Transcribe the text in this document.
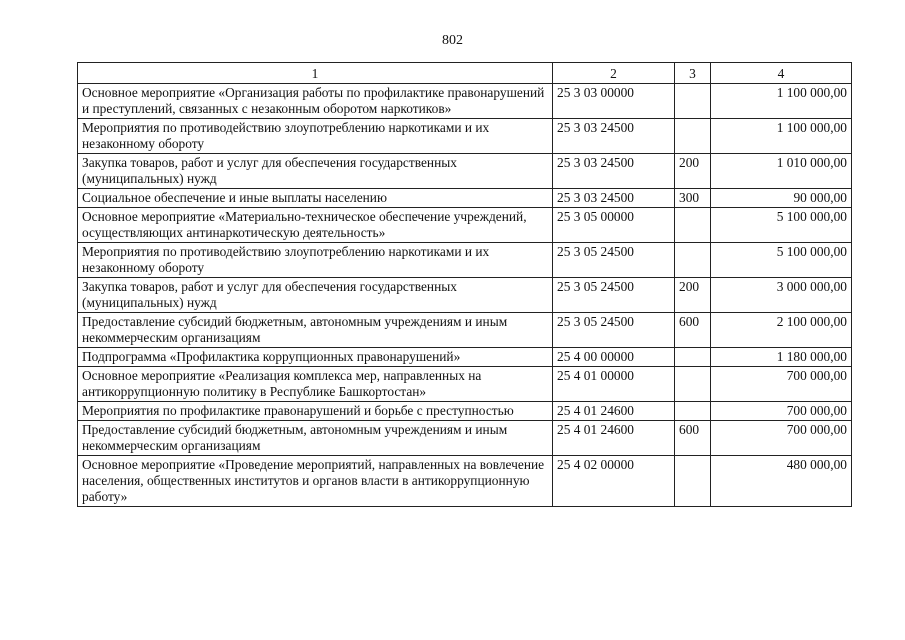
802
1	2	3	4
Основное мероприятие «Организация работы по профилактике правонарушений и преступлений, связанных с незаконным оборотом наркотиков»	25 3 03 00000		1 100 000,00
Мероприятия по противодействию злоупотреблению наркотиками и их незаконному обороту	25 3 03 24500		1 100 000,00
Закупка товаров, работ и услуг для обеспечения государственных (муниципальных) нужд	25 3 03 24500	200	1 010 000,00
Социальное обеспечение и иные выплаты населению	25 3 03 24500	300	90 000,00
Основное мероприятие «Материально-техническое обеспечение учреждений, осуществляющих антинаркотическую деятельность»	25 3 05 00000		5 100 000,00
Мероприятия по противодействию злоупотреблению наркотиками и их незаконному обороту	25 3 05 24500		5 100 000,00
Закупка товаров, работ и услуг для обеспечения государственных (муниципальных) нужд	25 3 05 24500	200	3 000 000,00
Предоставление субсидий бюджетным, автономным учреждениям и иным некоммерческим организациям	25 3 05 24500	600	2 100 000,00
Подпрограмма «Профилактика коррупционных правонарушений»	25 4 00 00000		1 180 000,00
Основное мероприятие «Реализация комплекса мер, направленных на антикоррупционную политику в Республике Башкортостан»	25 4 01 00000		700 000,00
Мероприятия по профилактике правонарушений и борьбе с преступностью	25 4 01 24600		700 000,00
Предоставление субсидий бюджетным, автономным учреждениям и иным некоммерческим организациям	25 4 01 24600	600	700 000,00
Основное мероприятие «Проведение мероприятий, направленных на вовлечение населения, общественных институтов и органов власти в антикоррупционную работу»	25 4 02 00000		480 000,00
